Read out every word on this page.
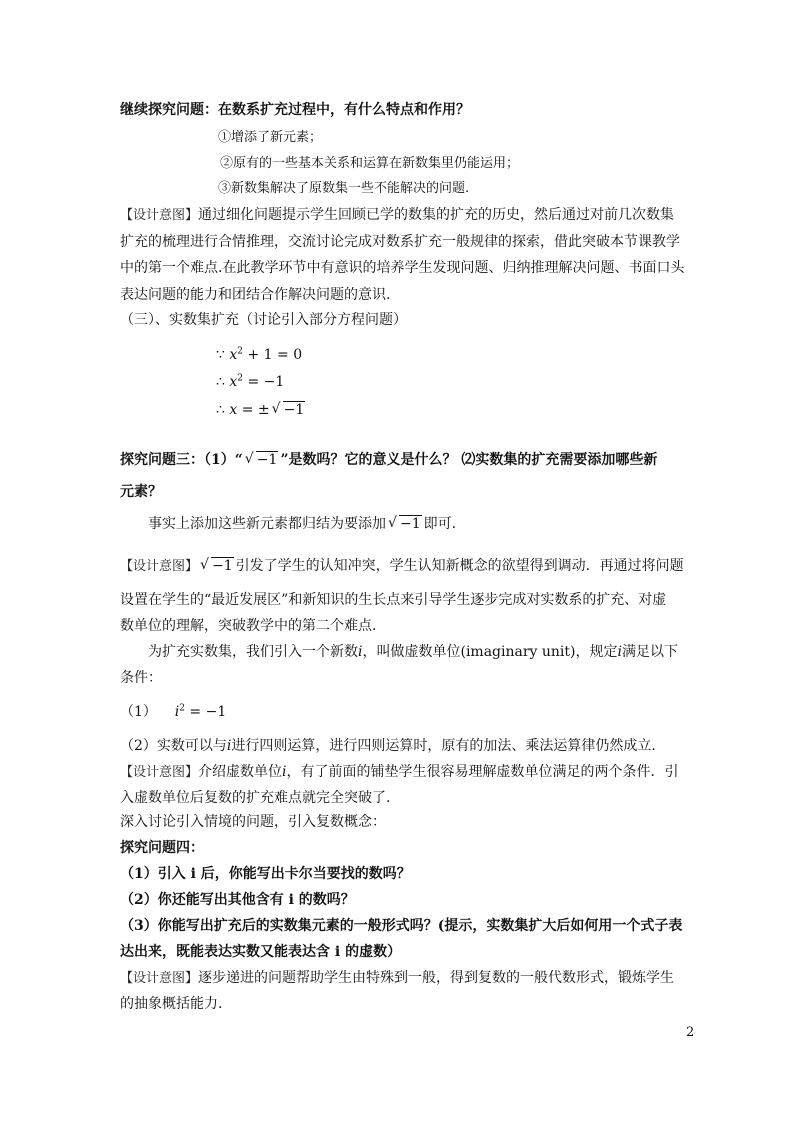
继续探究问题：在数系扩充过程中，有什么特点和作用？
①增添了新元素；
②原有的一些基本关系和运算在新数集里仍能运用；
③新数集解决了原数集一些不能解决的问题.
【设计意图】通过细化问题提示学生回顾已学的数集的扩充的历史，然后通过对前几次数集
扩充的梳理进行合情推理，交流讨论完成对数系扩充一般规律的探索，借此突破本节课教学
中的第一个难点.在此教学环节中有意识的培养学生发现问题、归纳推理解决问题、书面口头
表达问题的能力和团结合作解决问题的意识.
（三）、实数集扩充（讨论引入部分方程问题）
∵ $x^2 + 1 = 0$
∴ $x^2 = -1$
∴ x = ± √ −1
探究问题三：（1）“ √ −1 ”是数吗？它的意义是什么？ ⑵实数集的扩充需要添加哪些新
元素？
事实上添加这些新元素都归结为要添加 √ −1 即可.
【设计意图】 √ −1 引发了学生的认知冲突，学生认知新概念的欲望得到调动．再通过将问题
设置在学生的“最近发展区”和新知识的生长点来引导学生逐步完成对实数系的扩充、对虚
数单位的理解，突破教学中的第二个难点.
为扩充实数集，我们引入一个新数i，叫做虚数单位(imaginary unit)，规定i满足以下
条件：
（1） $i^2 = -1$
（2）实数可以与i进行四则运算，进行四则运算时，原有的加法、乘法运算律仍然成立.
【设计意图】介绍虚数单位i，有了前面的铺垫学生很容易理解虚数单位满足的两个条件．引
入虚数单位后复数的扩充难点就完全突破了.
深入讨论引入情境的问题，引入复数概念：
探究问题四：
（1）引入 i 后，你能写出卡尔当要找的数吗？
（2）你还能写出其他含有 i 的数吗？
（3）你能写出扩充后的实数集元素的一般形式吗？(提示，实数集扩大后如何用一个式子表
达出来，既能表达实数又能表达含 i 的虚数）
【设计意图】逐步递进的问题帮助学生由特殊到一般，得到复数的一般代数形式，锻炼学生
的抽象概括能力.
2
